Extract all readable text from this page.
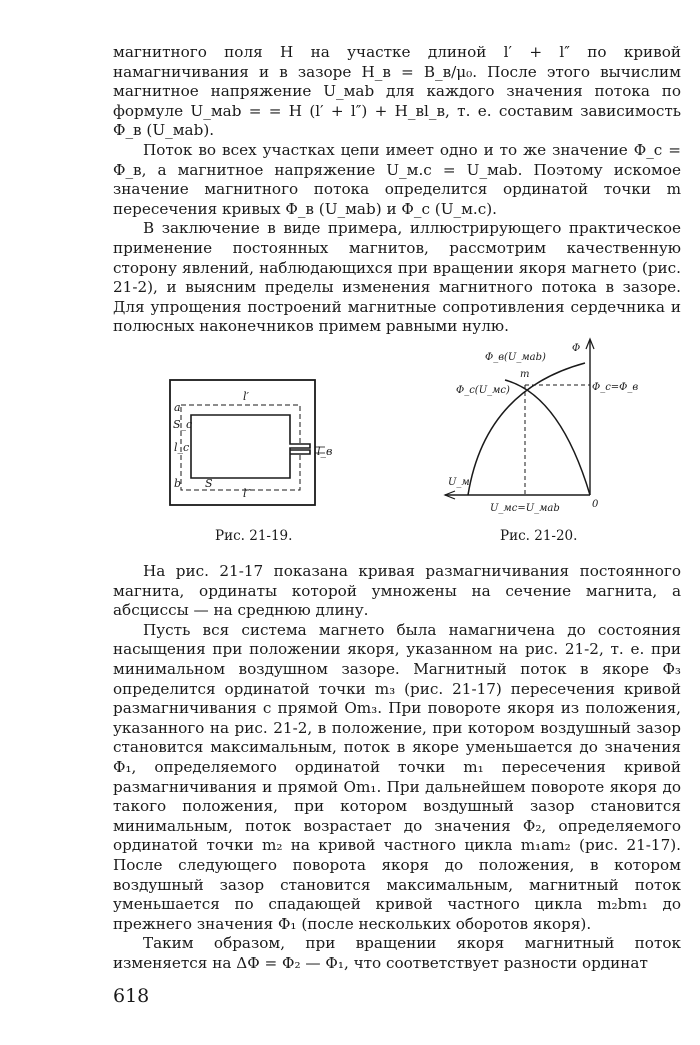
магнитного поля H на участке длиной l′ + l″ по кривой намагничивания и в зазоре H_в = B_в/μ₀. После этого вычислим магнитное напряжение U_мab для каждого значения потока по формуле U_мab = = H (l′ + l″) + H_вl_в, т. е. составим зависимость Φ_в (U_мab).

Поток во всех участках цепи имеет одно и то же значение Φ_с = Φ_в, а магнитное напряжение U_м.с = U_мab. Поэтому искомое значение магнитного потока определится ординатой точки m пересечения кривых Φ_в (U_мab) и Φ_с (U_м.с).

В заключение в виде примера, иллюстрирующего практическое применение постоянных магнитов, рассмотрим качественную сторону явлений, наблюдающихся при вращении якоря магнето (рис. 21-2), и выясним пределы изменения магнитного потока в зазоре. Для упрощения построений магнитные сопротивления сердечника и полюсных наконечников примем равными нулю.

l′
a
S_c
l_c	l_в
b S
l″
Рис. 21-19.
Φ
Φ_в(U_мab)
m
Φ_с(U_мс)	Φ_с=Φ_в
U_м
U_мс=U_мab	0
Рис. 21-20.

На рис. 21-17 показана кривая размагничивания постоянного магнита, ординаты которой умножены на сечение магнита, а абсциссы — на среднюю длину.

Пусть вся система магнето была намагничена до состояния насыщения при положении якоря, указанном на рис. 21-2, т. е. при минимальном воздушном зазоре. Магнитный поток в якоре Φ₃ определится ординатой точки m₃ (рис. 21-17) пересечения кривой размагничивания с прямой Om₃. При повороте якоря из положения, указанного на рис. 21-2, в положение, при котором воздушный зазор становится максимальным, поток в якоре уменьшается до значения Φ₁, определяемого ординатой точки m₁ пересечения кривой размагничивания и прямой Om₁. При дальнейшем повороте якоря до такого положения, при котором воздушный зазор становится минимальным, поток возрастает до значения Φ₂, определяемого ординатой точки m₂ на кривой частного цикла m₁am₂ (рис. 21-17). После следующего поворота якоря до положения, в котором воздушный зазор становится максимальным, магнитный поток уменьшается по спадающей кривой частного цикла m₂bm₁ до прежнего значения Φ₁ (после нескольких оборотов якоря).

Таким образом, при вращении якоря магнитный поток изменяется на ΔΦ = Φ₂ — Φ₁, что соответствует разности ординат

618
